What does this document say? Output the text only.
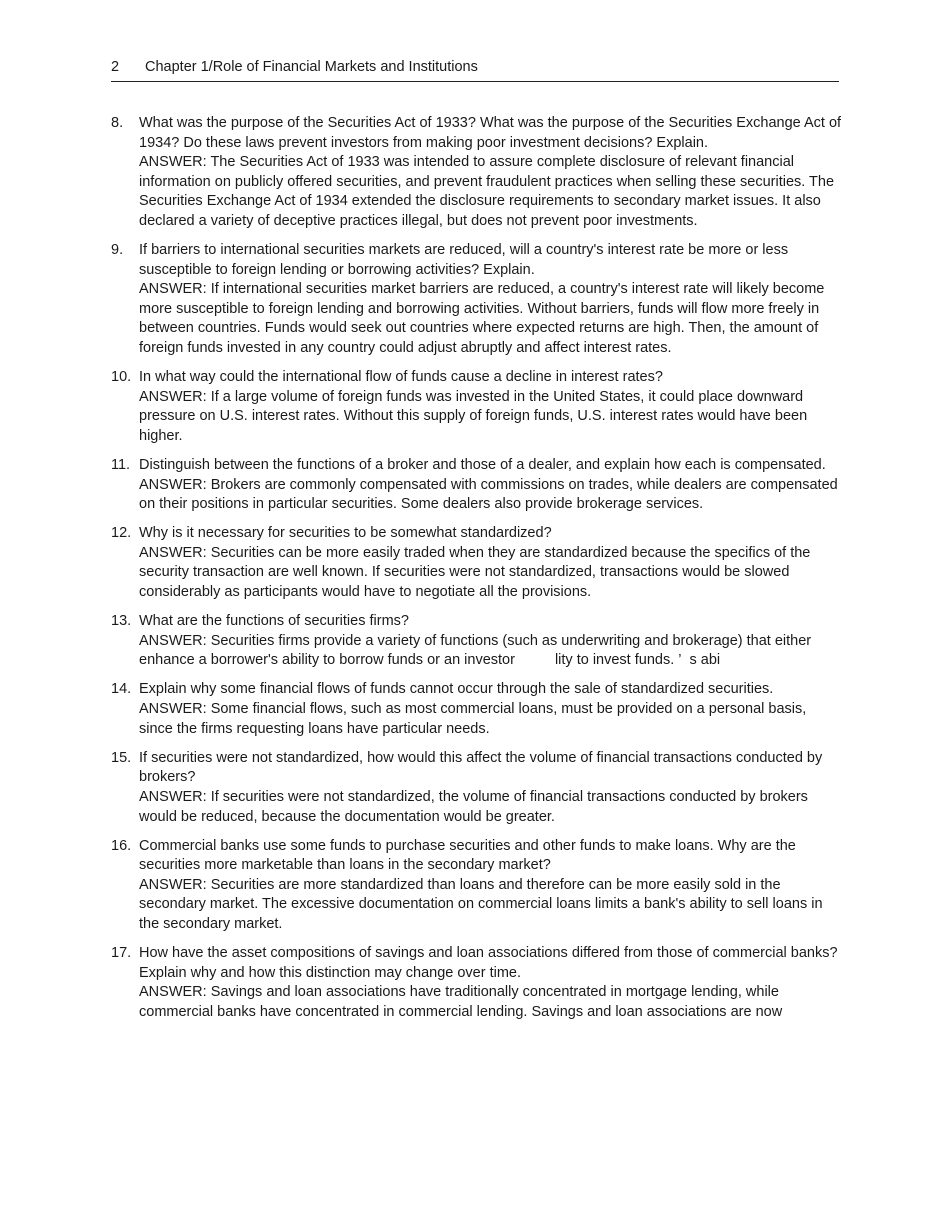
2 Chapter 1/Role of Financial Markets and Institutions
8.	What was the purpose of the Securities Act of 1933? What was the purpose of the Securities Exchange Act of 1934? Do these laws prevent investors from making poor investment decisions? Explain.
ANSWER: The Securities Act of 1933 was intended to assure complete disclosure of relevant financial information on publicly offered securities, and prevent fraudulent practices when selling these securities. The Securities Exchange Act of 1934 extended the disclosure requirements to secondary market issues. It also declared a variety of deceptive practices illegal, but does not prevent poor investments.
9.	If barriers to international securities markets are reduced, will a country's interest rate be more or less susceptible to foreign lending or borrowing activities? Explain.
ANSWER: If international securities market barriers are reduced, a country's interest rate will likely become more susceptible to foreign lending and borrowing activities. Without barriers, funds will flow more freely in between countries. Funds would seek out countries where expected returns are high. Then, the amount of foreign funds invested in any country could adjust abruptly and affect interest rates.
10. In what way could the international flow of funds cause a decline in interest rates?
ANSWER: If a large volume of foreign funds was invested in the United States, it could place downward pressure on U.S. interest rates. Without this supply of foreign funds, U.S. interest rates would have been higher.
11. Distinguish between the functions of a broker and those of a dealer, and explain how each is compensated.
ANSWER: Brokers are commonly compensated with commissions on trades, while dealers are compensated on their positions in particular securities. Some dealers also provide brokerage services.
12. Why is it necessary for securities to be somewhat standardized?
ANSWER: Securities can be more easily traded when they are standardized because the specifics of the security transaction are well known. If securities were not standardized, transactions would be slowed considerably as participants would have to negotiate all the provisions.
13. What are the functions of securities firms?
ANSWER: Securities firms provide a variety of functions (such as underwriting and brokerage) that either enhance a borrower's ability to borrow funds or an investor	lity to invest funds. ’ s abi
14. Explain why some financial flows of funds cannot occur through the sale of standardized securities.
ANSWER: Some financial flows, such as most commercial loans, must be provided on a personal basis, since the firms requesting loans have particular needs.
15. If securities were not standardized, how would this affect the volume of financial transactions conducted by brokers?
ANSWER: If securities were not standardized, the volume of financial transactions conducted by brokers would be reduced, because the documentation would be greater.
16. Commercial banks use some funds to purchase securities and other funds to make loans. Why are the securities more marketable than loans in the secondary market?
ANSWER: Securities are more standardized than loans and therefore can be more easily sold in the secondary market. The excessive documentation on commercial loans limits a bank's ability to sell loans in the secondary market.
17. How have the asset compositions of savings and loan associations differed from those of commercial banks? Explain why and how this distinction may change over time.
ANSWER: Savings and loan associations have traditionally concentrated in mortgage lending, while commercial banks have concentrated in commercial lending. Savings and loan associations are now
